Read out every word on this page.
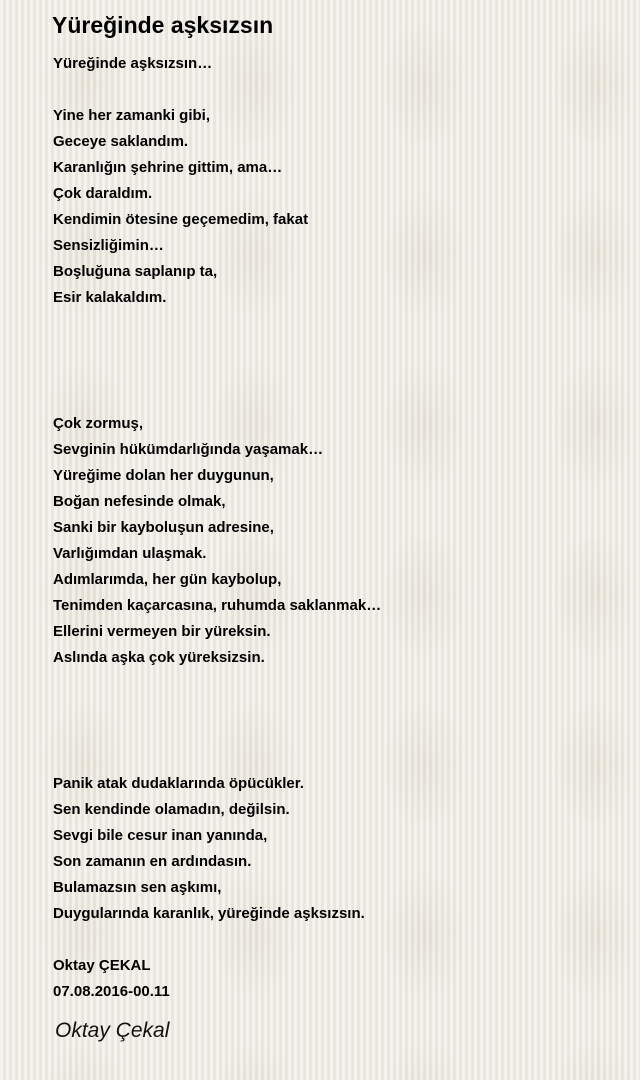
Yüreğinde aşksızsın
Yüreğinde aşksızsın…
Yine her zamanki gibi,
Geceye saklandım.
Karanlığın şehrine gittim, ama…
Çok daraldım.
Kendimin ötesine geçemedim, fakat
Sensizliğimin…
Boşluğuna saplanıp ta,
Esir kalakaldım.
Çok zormuş,
Sevginin hükümdarlığında yaşamak…
Yüreğime dolan her duygunun,
Boğan nefesinde olmak,
Sanki bir kayboluşun adresine,
Varlığımdan ulaşmak.
Adımlarımda, her gün kaybolup,
Tenimden kaçarcasına, ruhumda saklanmak…
Ellerini vermeyen bir yüreksin.
Aslında aşka çok yüreksizsin.
Panik atak dudaklarında öpücükler.
Sen kendinde olamadın, değilsin.
Sevgi bile cesur inan yanında,
Son zamanın en ardındasın.
Bulamazsın sen aşkımı,
Duygularında karanlık, yüreğinde aşksızsın.
Oktay ÇEKAL
07.08.2016-00.11
Oktay Çekal
